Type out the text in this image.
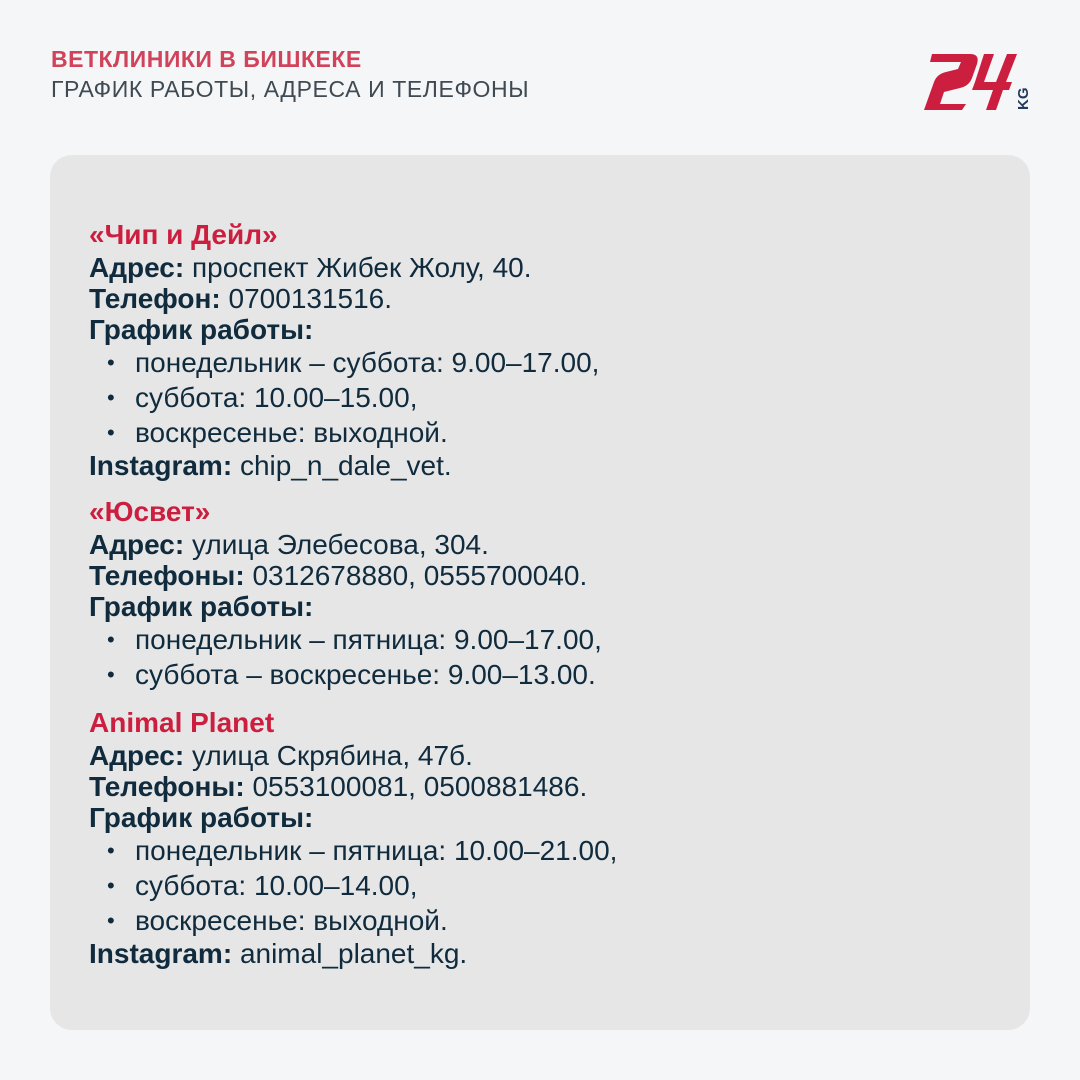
ВЕТКЛИНИКИ В БИШКЕКЕ
ГРАФИК РАБОТЫ, АДРЕСА И ТЕЛЕФОНЫ	KG
«Чип и Дейл»
Адрес: проспект Жибек Жолу, 40.
Телефон: 0700131516.
График работы:
• понедельник – суббота: 9.00–17.00,
• суббота: 10.00–15.00,
• воскресенье: выходной.
Instagram: chip_n_dale_vet.
«Юсвет»
Адрес: улица Элебесова, 304.
Телефоны: 0312678880, 0555700040.
График работы:
• понедельник – пятница: 9.00–17.00,
• суббота – воскресенье: 9.00–13.00.
Animal Planet
Адрес: улица Скрябина, 47б.
Телефоны: 0553100081, 0500881486.
График работы:
• понедельник – пятница: 10.00–21.00,
• суббота: 10.00–14.00,
• воскресенье: выходной.
Instagram: animal_planet_kg.
